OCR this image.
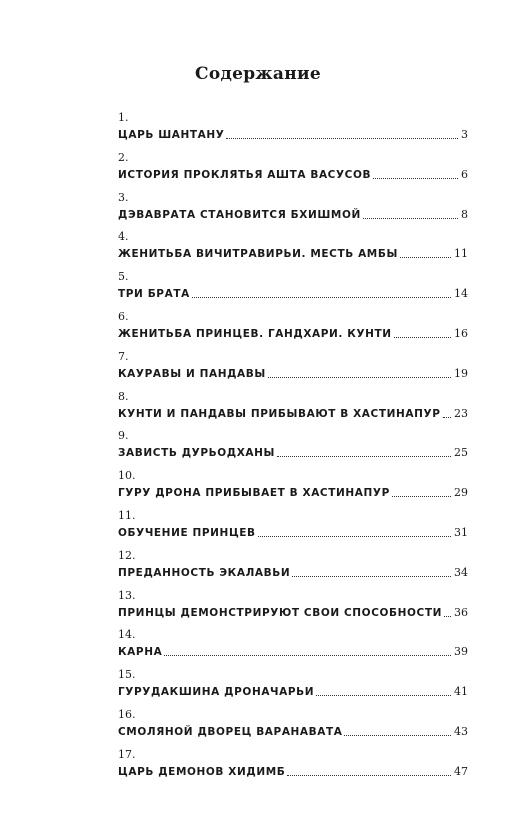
Содержание
1.
ЦАРЬ ШАНТАНУ	3
2.
ИСТОРИЯ ПРОКЛЯТЬЯ АШТА ВАСУСОВ	6
3.
ДЭВАВРАТА СТАНОВИТСЯ БХИШМОЙ	8
4.
ЖЕНИТЬБА ВИЧИТРАВИРЬИ. МЕСТЬ АМБЫ	11
5.
ТРИ БРАТА	14
6.
ЖЕНИТЬБА ПРИНЦЕВ. ГАНДХАРИ. КУНТИ	16
7.
КАУРАВЫ И ПАНДАВЫ	19
8.
КУНТИ И ПАНДАВЫ ПРИБЫВАЮТ В ХАСТИНАПУР 23
9.
ЗАВИСТЬ ДУРЬОДХАНЫ	25
10.
ГУРУ ДРОНА ПРИБЫВАЕТ В ХАСТИНАПУР	29
11.
ОБУЧЕНИЕ ПРИНЦЕВ	31
12.
ПРЕДАННОСТЬ ЭКАЛАВЬИ	34
13.
ПРИНЦЫ ДЕМОНСТРИРУЮТ СВОИ СПОСОБНОСТИ 36
14.
КАРНА	39
15.
ГУРУДАКШИНА ДРОНАЧАРЬИ	41
16.
СМОЛЯНОЙ ДВОРЕЦ ВАРАНАВАТА	43
17.
ЦАРЬ ДЕМОНОВ ХИДИМБ	47
